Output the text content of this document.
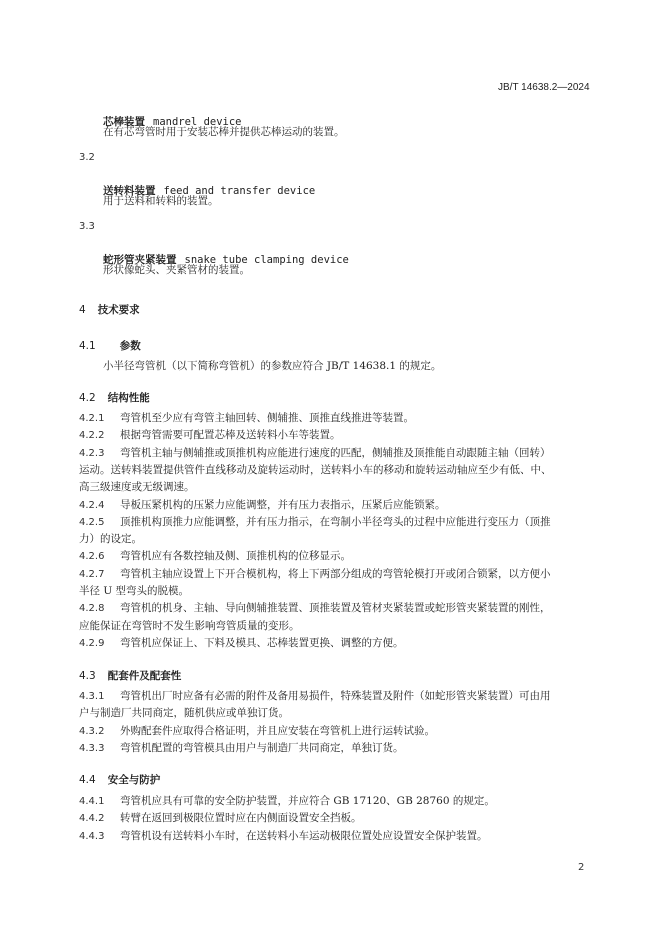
JB/T 14638.2—2024
芯棒装置 mandrel device
在有芯弯管时用于安装芯棒并提供芯棒运动的装置。
3.2
送转料装置 feed and transfer device
用于送料和转料的装置。
3.3
蛇形管夹紧装置 snake tube clamping device
形状像蛇头、夹紧管材的装置。
4 技术要求
4.1 参数
小半径弯管机（以下简称弯管机）的参数应符合 JB/T 14638.1 的规定。
4.2 结构性能
4.2.1 弯管机至少应有弯管主轴回转、侧辅推、顶推直线推进等装置。
4.2.2 根据弯管需要可配置芯棒及送转料小车等装置。
4.2.3 弯管机主轴与侧辅推或顶推机构应能进行速度的匹配，侧辅推及顶推能自动跟随主轴（回转）
运动。送转料装置提供管件直线移动及旋转运动时，送转料小车的移动和旋转运动轴应至少有低、中、
高三级速度或无级调速。
4.2.4 导板压紧机构的压紧力应能调整，并有压力表指示，压紧后应能锁紧。
4.2.5 顶推机构顶推力应能调整，并有压力指示，在弯制小半径弯头的过程中应能进行变压力（顶推
力）的设定。
4.2.6 弯管机应有各数控轴及侧、顶推机构的位移显示。
4.2.7 弯管机主轴应设置上下开合模机构，将上下两部分组成的弯管轮模打开或闭合锁紧，以方便小
半径 U 型弯头的脱模。
4.2.8 弯管机的机身、主轴、导向侧辅推装置、顶推装置及管材夹紧装置或蛇形管夹紧装置的刚性，
应能保证在弯管时不发生影响弯管质量的变形。
4.2.9 弯管机应保证上、下料及模具、芯棒装置更换、调整的方便。
4.3 配套件及配套性
4.3.1 弯管机出厂时应备有必需的附件及备用易损件，特殊装置及附件（如蛇形管夹紧装置）可由用
户与制造厂共同商定，随机供应或单独订货。
4.3.2 外购配套件应取得合格证明，并且应安装在弯管机上进行运转试验。
4.3.3 弯管机配置的弯管模具由用户与制造厂共同商定，单独订货。
4.4 安全与防护
4.4.1 弯管机应具有可靠的安全防护装置，并应符合 GB 17120、GB 28760 的规定。
4.4.2 转臂在返回到极限位置时应在内侧面设置安全挡板。
4.4.3 弯管机设有送转料小车时，在送转料小车运动极限位置处应设置安全保护装置。
2
